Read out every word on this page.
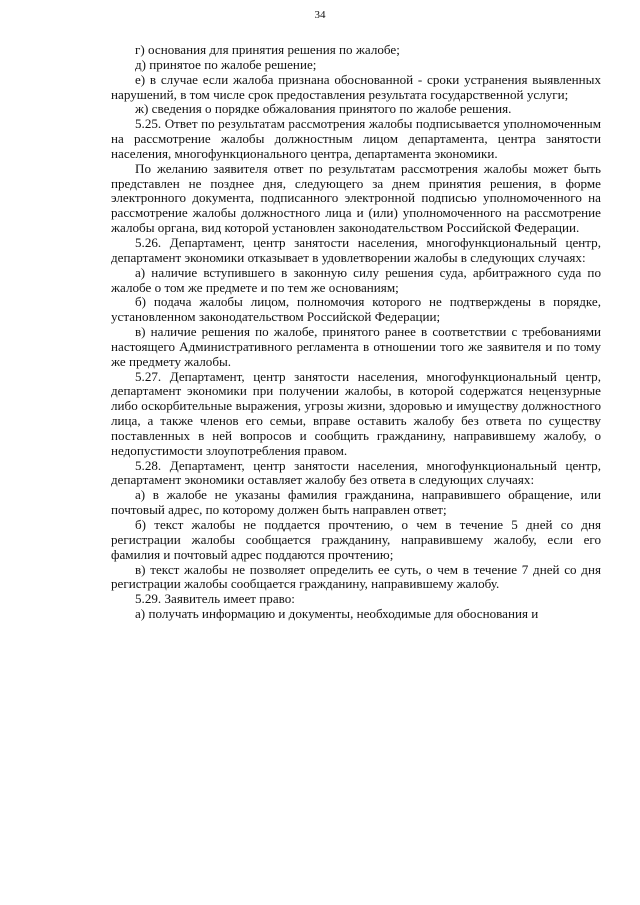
34

г) основания для принятия решения по жалобе;

д) принятое по жалобе решение;

е) в случае если жалоба признана обоснованной - сроки устранения выявленных нарушений, в том числе срок предоставления результата государственной услуги;

ж) сведения о порядке обжалования принятого по жалобе решения.

5.25. Ответ по результатам рассмотрения жалобы подписывается уполномоченным на рассмотрение жалобы должностным лицом департамента, центра занятости населения, многофункционального центра, департамента экономики.

По желанию заявителя ответ по результатам рассмотрения жалобы может быть представлен не позднее дня, следующего за днем принятия решения, в форме электронного документа, подписанного электронной подписью уполномоченного на рассмотрение жалобы должностного лица и (или) уполномоченного на рассмотрение жалобы органа, вид которой установлен законодательством Российской Федерации.

5.26. Департамент, центр занятости населения, многофункциональный центр, департамент экономики отказывает в удовлетворении жалобы в следующих случаях:

а) наличие вступившего в законную силу решения суда, арбитражного суда по жалобе о том же предмете и по тем же основаниям;

б) подача жалобы лицом, полномочия которого не подтверждены в порядке, установленном законодательством Российской Федерации;

в) наличие решения по жалобе, принятого ранее в соответствии с требованиями настоящего Административного регламента в отношении того же заявителя и по тому же предмету жалобы.

5.27. Департамент, центр занятости населения, многофункциональный центр, департамент экономики при получении жалобы, в которой содержатся нецензурные либо оскорбительные выражения, угрозы жизни, здоровью и имуществу должностного лица, а также членов его семьи, вправе оставить жалобу без ответа по существу поставленных в ней вопросов и сообщить гражданину, направившему жалобу, о недопустимости злоупотребления правом.

5.28. Департамент, центр занятости населения, многофункциональный центр, департамент экономики оставляет жалобу без ответа в следующих случаях:

а) в жалобе не указаны фамилия гражданина, направившего обращение, или почтовый адрес, по которому должен быть направлен ответ;

б) текст жалобы не поддается прочтению, о чем в течение 5 дней со дня регистрации жалобы сообщается гражданину, направившему жалобу, если его фамилия и почтовый адрес поддаются прочтению;

в) текст жалобы не позволяет определить ее суть, о чем в течение 7 дней со дня регистрации жалобы сообщается гражданину, направившему жалобу.

5.29. Заявитель имеет право:

а) получать информацию и документы, необходимые для обоснования и
